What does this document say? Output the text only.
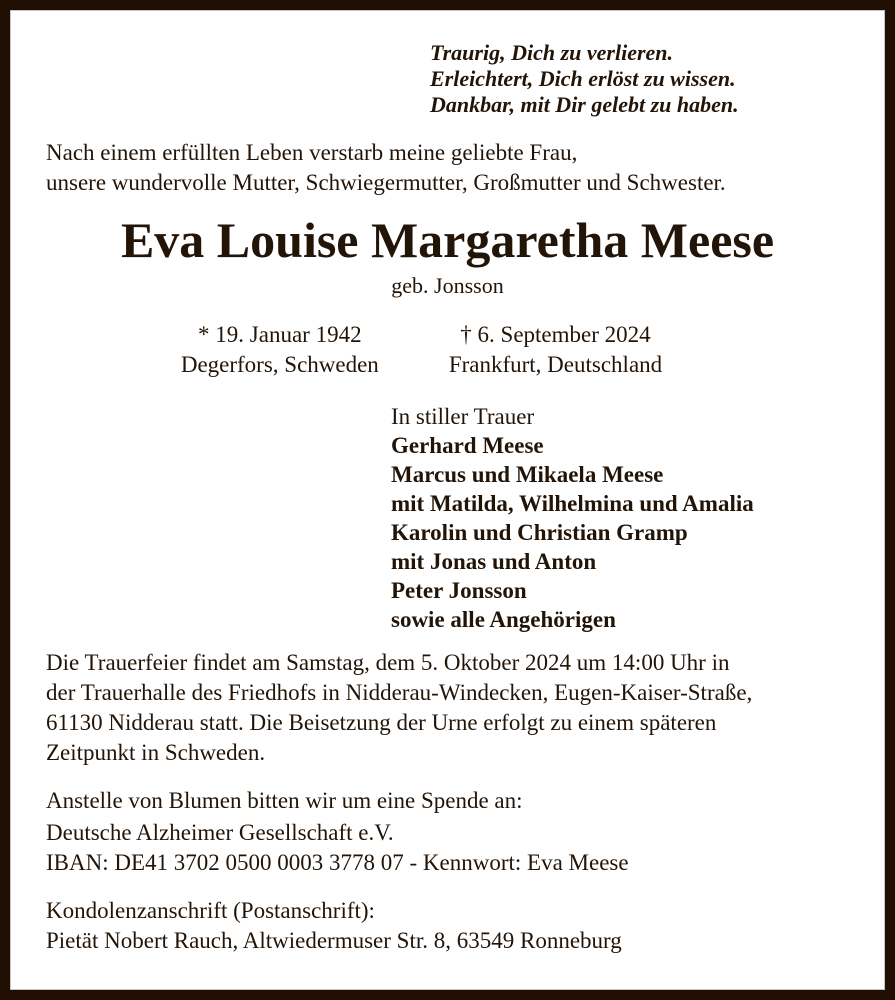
Traurig, Dich zu verlieren.
Erleichtert, Dich erlöst zu wissen.
Dankbar, mit Dir gelebt zu haben.
Nach einem erfüllten Leben verstarb meine geliebte Frau,
unsere wundervolle Mutter, Schwiegermutter, Großmutter und Schwester.
Eva Louise Margaretha Meese
geb. Jonsson
* 19. Januar 1942
Degerfors, Schweden
† 6. September 2024
Frankfurt, Deutschland
In stiller Trauer
Gerhard Meese
Marcus und Mikaela Meese
mit Matilda, Wilhelmina und Amalia
Karolin und Christian Gramp
mit Jonas und Anton
Peter Jonsson
sowie alle Angehörigen
Die Trauerfeier findet am Samstag, dem 5. Oktober 2024 um 14:00 Uhr in
der Trauerhalle des Friedhofs in Nidderau-Windecken, Eugen-Kaiser-Straße,
61130 Nidderau statt. Die Beisetzung der Urne erfolgt zu einem späteren
Zeitpunkt in Schweden.
Anstelle von Blumen bitten wir um eine Spende an:
Deutsche Alzheimer Gesellschaft e.V.
IBAN: DE41 3702 0500 0003 3778 07 - Kennwort: Eva Meese
Kondolenzanschrift (Postanschrift):
Pietät Nobert Rauch, Altwiedermuser Str. 8, 63549 Ronneburg
